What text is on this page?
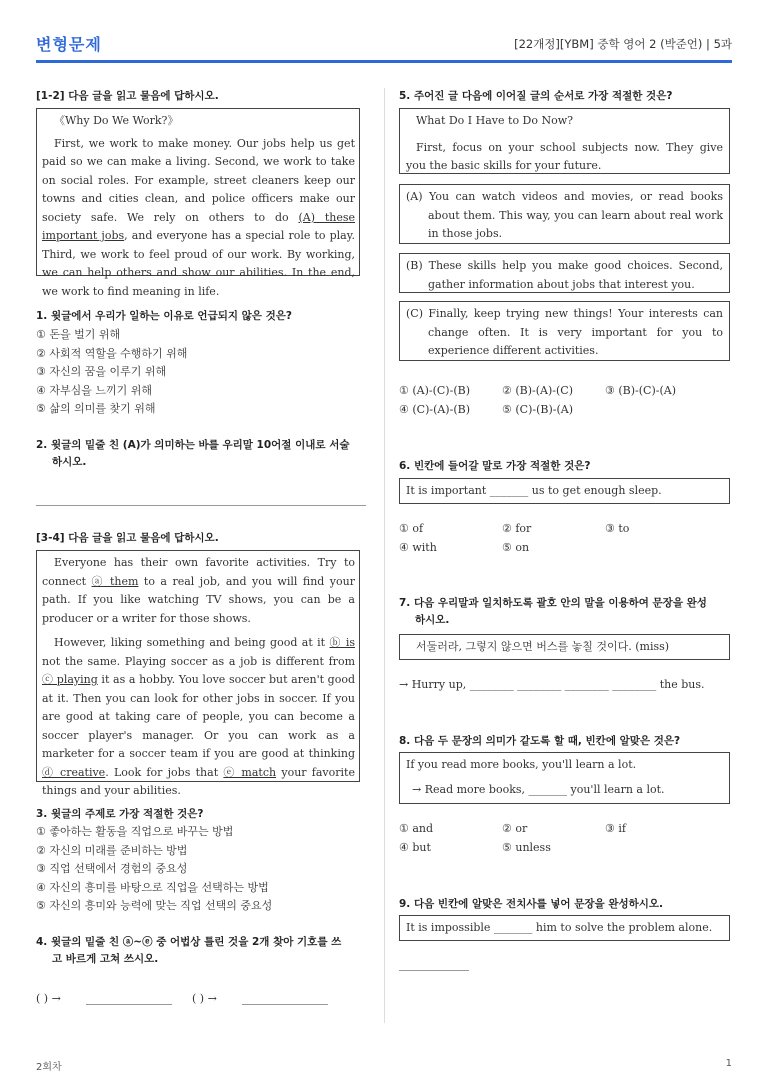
변형문제	[22개정][YBM] 중학 영어 2 (박준언) | 5과
[1-2] 다음 글을 읽고 물음에 답하시오.

《Why Do We Work?》

First, we work to make money. Our jobs help us get paid so we can make a living. Second, we work to take on social roles. For example, street cleaners keep our towns and cities clean, and police officers make our society safe. We rely on others to do (A) these important jobs, and everyone has a special role to play. Third, we work to feel proud of our work. By working, we can help others and show our abilities. In the end, we work to find meaning in life.

1. 윗글에서 우리가 일하는 이유로 언급되지 않은 것은?
① 돈을 벌기 위해
② 사회적 역할을 수행하기 위해
③ 자신의 꿈을 이루기 위해
④ 자부심을 느끼기 위해
⑤ 삶의 의미를 찾기 위해
2. 윗글의 밑줄 친 (A)가 의미하는 바를 우리말 10어절 이내로 서술
하시오.
[3-4] 다음 글을 읽고 물음에 답하시오.

Everyone has their own favorite activities. Try to connect ⓐ them to a real job, and you will find your path. If you like watching TV shows, you can be a producer or a writer for those shows.

However, liking something and being good at it ⓑ is not the same. Playing soccer as a job is different from ⓒ playing it as a hobby. You love soccer but aren't good at it. Then you can look for other jobs in soccer. If you are good at taking care of people, you can become a soccer player's manager. Or you can work as a marketer for a soccer team if you are good at thinking ⓓ creative. Look for jobs that ⓔ match your favorite things and your abilities.

3. 윗글의 주제로 가장 적절한 것은?
① 좋아하는 활동을 직업으로 바꾸는 방법
② 자신의 미래를 준비하는 방법
③ 직업 선택에서 경험의 중요성
④ 자신의 흥미를 바탕으로 직업을 선택하는 방법
⑤ 자신의 흥미와 능력에 맞는 직업 선택의 중요성
4. 윗글의 밑줄 친 ⓐ~ⓔ 중 어법상 틀린 것을 2개 찾아 기호를 쓰
고 바르게 고쳐 쓰시오.
( ) →	( ) →
5. 주어진 글 다음에 이어질 글의 순서로 가장 적절한 것은?
What Do I Have to Do Now?
First, focus on your school subjects now. They give you the basic skills for your future.
(A) You can watch videos and movies, or read books about them. This way, you can learn about real work in those jobs.
(B) These skills help you make good choices. Second, gather information about jobs that interest you.
(C) Finally, keep trying new things! Your interests can change often. It is very important for you to experience different activities.
① (A)-(C)-(B)	② (B)-(A)-(C)	③ (B)-(C)-(A)
④ (C)-(A)-(B)	⑤ (C)-(B)-(A)
6. 빈칸에 들어갈 말로 가장 적절한 것은?
It is important _______ us to get enough sleep.
① of	② for	③ to
④ with	⑤ on
7. 다음 우리말과 일치하도록 괄호 안의 말을 이용하여 문장을 완성
하시오.
서둘러라, 그렇지 않으면 버스를 놓칠 것이다. (miss)
→ Hurry up, ________ ________ ________ ________ the bus.
8. 다음 두 문장의 의미가 같도록 할 때, 빈칸에 알맞은 것은?
If you read more books, you'll learn a lot.
→ Read more books, _______ you'll learn a lot.
① and	② or	③ if
④ but	⑤ unless
9. 다음 빈칸에 알맞은 전치사를 넣어 문장을 완성하시오.
It is impossible _______ him to solve the problem alone.
2회차	1
